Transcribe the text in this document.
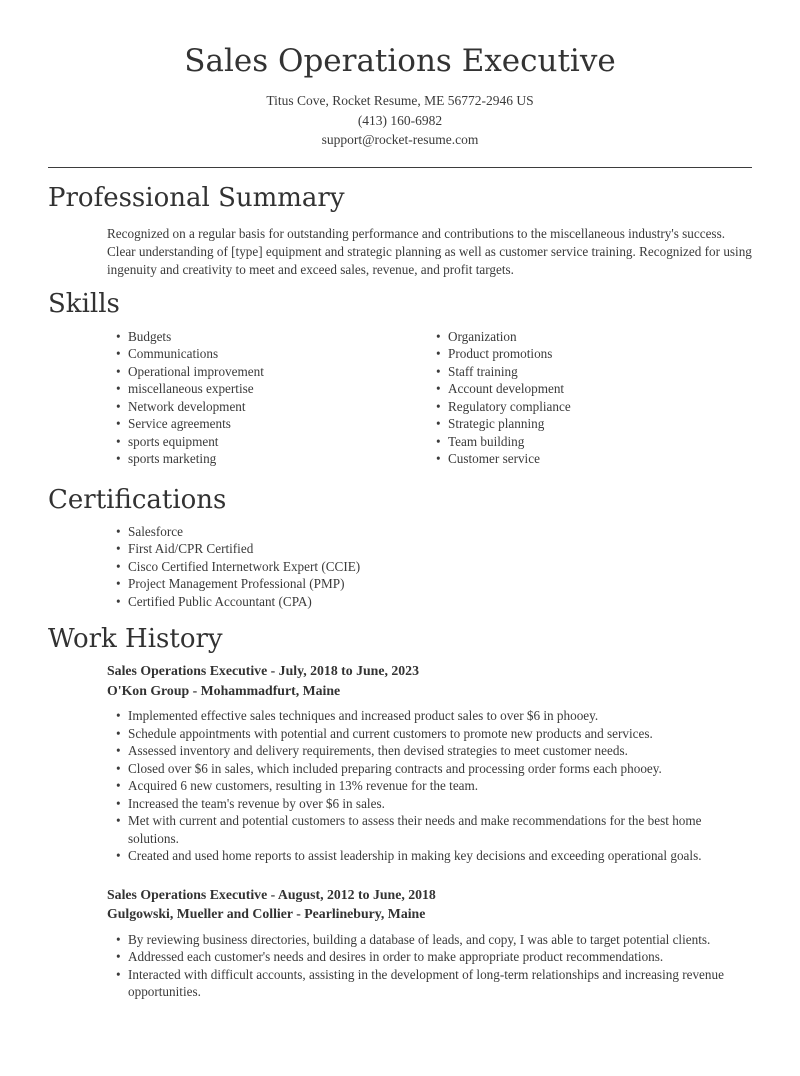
Sales Operations Executive
Titus Cove, Rocket Resume, ME 56772-2946 US
(413) 160-6982
support@rocket-resume.com
Professional Summary

Recognized on a regular basis for outstanding performance and contributions to the miscellaneous industry's success. Clear understanding of [type] equipment and strategic planning as well as customer service training. Recognized for using ingenuity and creativity to meet and exceed sales, revenue, and profit targets.

Skills
• Budgets
• Communications
• Operational improvement
• miscellaneous expertise
• Network development
• Service agreements
• sports equipment
• sports marketing
• Organization
• Product promotions
• Staff training
• Account development
• Regulatory compliance
• Strategic planning
• Team building
• Customer service
Certifications
• Salesforce
• First Aid/CPR Certified
• Cisco Certified Internetwork Expert (CCIE)
• Project Management Professional (PMP)
• Certified Public Accountant (CPA)
Work History
Sales Operations Executive - July, 2018 to June, 2023
O'Kon Group - Mohammadfurt, Maine
• Implemented effective sales techniques and increased product sales to over $6 in phooey.
• Schedule appointments with potential and current customers to promote new products and services.
• Assessed inventory and delivery requirements, then devised strategies to meet customer needs.
• Closed over $6 in sales, which included preparing contracts and processing order forms each phooey.
• Acquired 6 new customers, resulting in 13% revenue for the team.
• Increased the team's revenue by over $6 in sales.
• Met with current and potential customers to assess their needs and make recommendations for the best home solutions.
• Created and used home reports to assist leadership in making key decisions and exceeding operational goals.
Sales Operations Executive - August, 2012 to June, 2018
Gulgowski, Mueller and Collier - Pearlinebury, Maine
• By reviewing business directories, building a database of leads, and copy, I was able to target potential clients.
• Addressed each customer's needs and desires in order to make appropriate product recommendations.
• Interacted with difficult accounts, assisting in the development of long-term relationships and increasing revenue opportunities.
